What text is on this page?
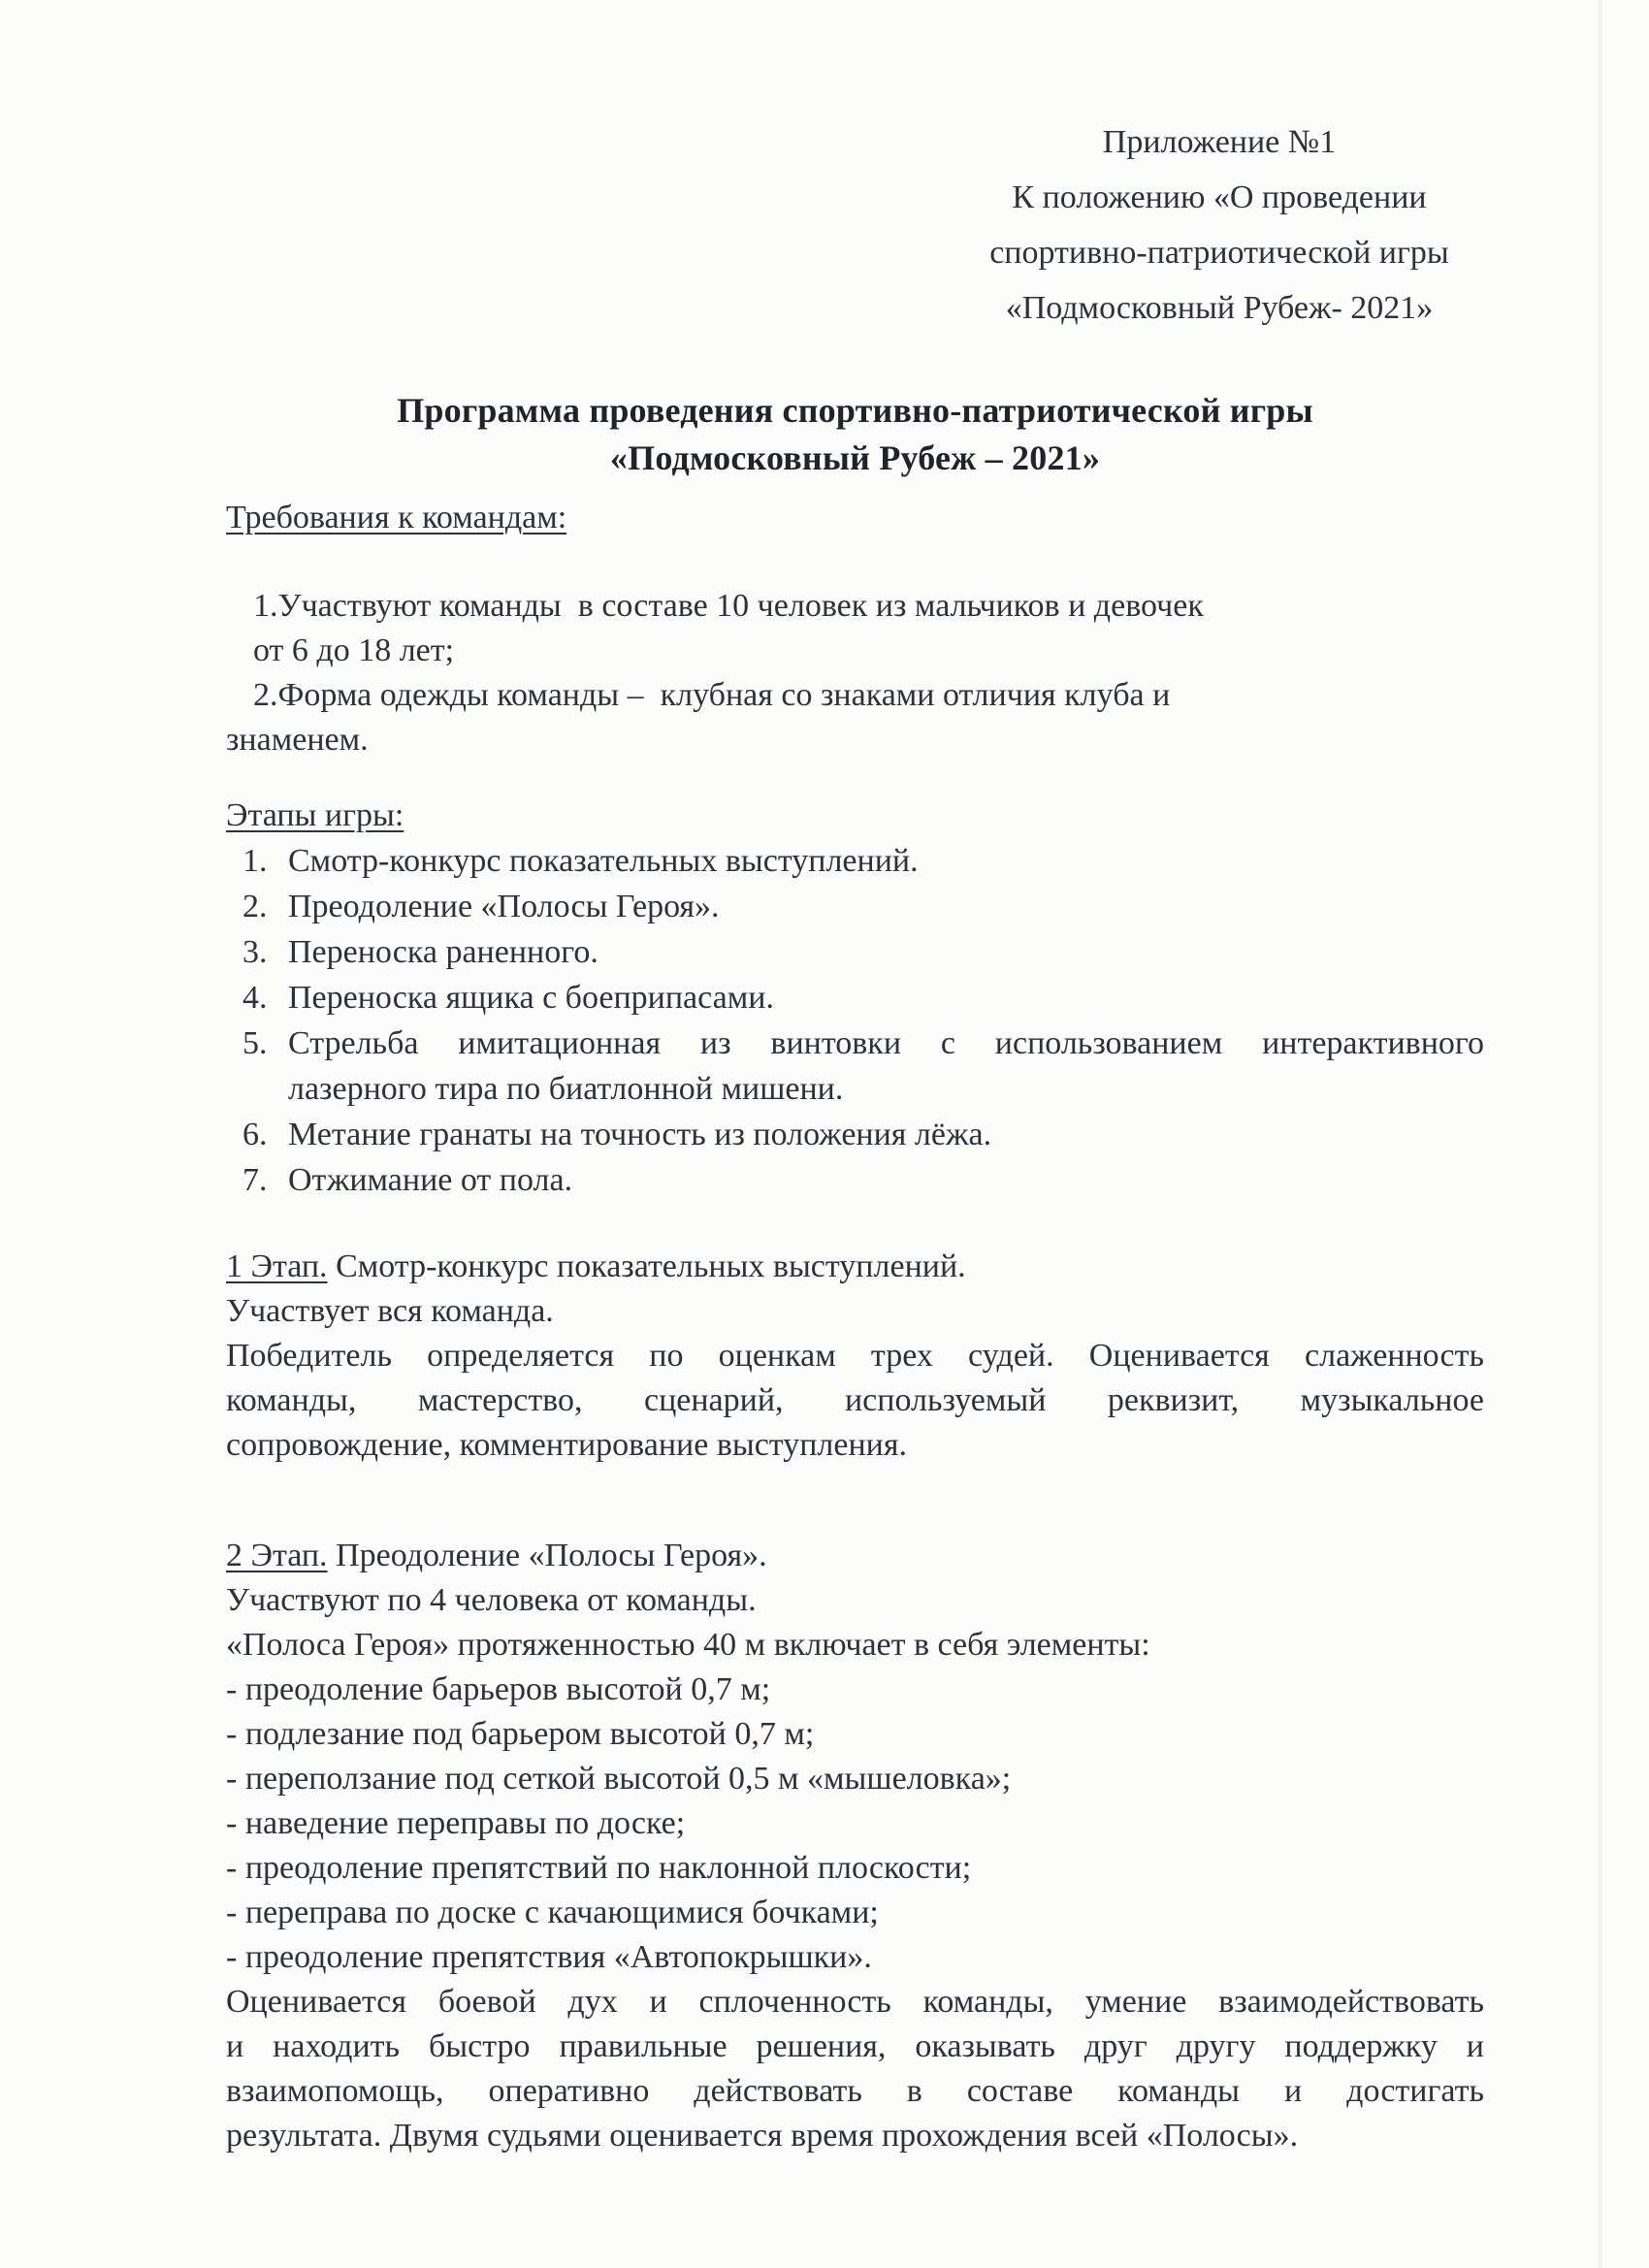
Приложение №1
К положению «О проведении
спортивно-патриотической игры
«Подмосковный Рубеж- 2021»
Программа проведения спортивно-патриотической игры
«Подмосковный Рубеж – 2021»
Требования к командам:
1.Участвуют команды  в составе 10 человек из мальчиков и девочек
от 6 до 18 лет;
2.Форма одежды команды –  клубная со знаками отличия клуба и
знаменем.
Этапы игры:
1. Смотр-конкурс показательных выступлений.
2. Преодоление «Полосы Героя».
3. Переноска раненного.
4. Переноска ящика с боеприпасами.
5. Стрельба имитационная из винтовки с использованием интерактивного
лазерного тира по биатлонной мишени.
6. Метание гранаты на точность из положения лёжа.
7. Отжимание от пола.
1 Этап. Смотр-конкурс показательных выступлений.
Участвует вся команда.
Победитель определяется по оценкам трех судей. Оценивается слаженность
команды, мастерство, сценарий, используемый реквизит, музыкальное
сопровождение, комментирование выступления.
2 Этап. Преодоление «Полосы Героя».
Участвуют по 4 человека от команды.
«Полоса Героя» протяженностью 40 м включает в себя элементы:
- преодоление барьеров высотой 0,7 м;
- подлезание под барьером высотой 0,7 м;
- переползание под сеткой высотой 0,5 м «мышеловка»;
- наведение переправы по доске;
- преодоление препятствий по наклонной плоскости;
- переправа по доске с качающимися бочками;
- преодоление препятствия «Автопокрышки».
Оценивается боевой дух и сплоченность команды, умение взаимодействовать
и находить быстро правильные решения, оказывать друг другу поддержку и
взаимопомощь, оперативно действовать в составе команды и достигать
результата. Двумя судьями оценивается время прохождения всей «Полосы».
